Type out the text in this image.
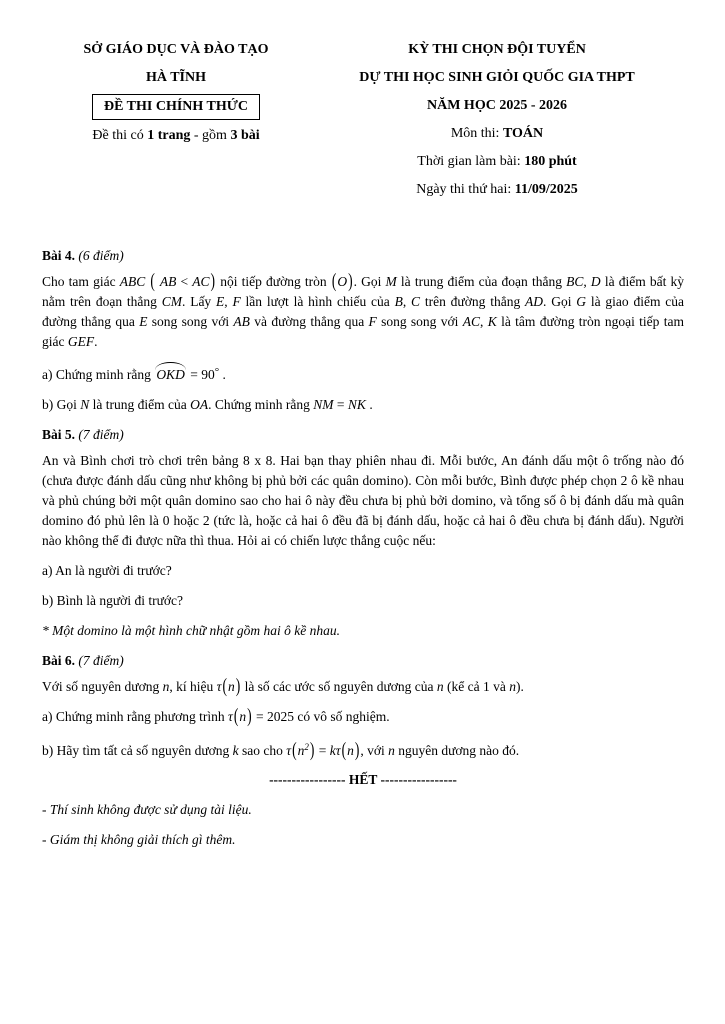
SỞ GIÁO DỤC VÀ ĐÀO TẠO
HÀ TĨNH
ĐỀ THI CHÍNH THỨC
Đề thi có 1 trang - gồm 3 bài
KỲ THI CHỌN ĐỘI TUYỂN
DỰ THI HỌC SINH GIỎI QUỐC GIA THPT
NĂM HỌC 2025 - 2026
Môn thi: TOÁN
Thời gian làm bài: 180 phút
Ngày thi thứ hai: 11/09/2025

Bài 4. (6 điểm)

Cho tam giác ABC ( AB < AC) nội tiếp đường tròn (O). Gọi M là trung điểm của đoạn thẳng BC, D là điểm bất kỳ nằm trên đoạn thẳng CM. Lấy E, F lần lượt là hình chiếu của B, C trên đường thẳng AD. Gọi G là giao điểm của đường thẳng qua E song song với AB và đường thẳng qua F song song với AC, K là tâm đường tròn ngoại tiếp tam giác GEF.

a) Chứng minh rằng OKD = 90° .

b) Gọi N là trung điểm của OA. Chứng minh rằng NM = NK .

Bài 5. (7 điểm)

An và Bình chơi trò chơi trên bảng 8 x 8. Hai bạn thay phiên nhau đi. Mỗi bước, An đánh dấu một ô trống nào đó (chưa được đánh dấu cũng như không bị phủ bởi các quân domino). Còn mỗi bước, Bình được phép chọn 2 ô kề nhau và phủ chúng bởi một quân domino sao cho hai ô này đều chưa bị phủ bởi domino, và tổng số ô bị đánh dấu mà quân domino đó phủ lên là 0 hoặc 2 (tức là, hoặc cả hai ô đều đã bị đánh dấu, hoặc cả hai ô đều chưa bị đánh dấu). Người nào không thể đi được nữa thì thua. Hỏi ai có chiến lược thắng cuộc nếu:

a) An là người đi trước?

b) Bình là người đi trước?

* Một domino là một hình chữ nhật gồm hai ô kề nhau.

Bài 6. (7 điểm)

Với số nguyên dương n, kí hiệu τ(n) là số các ước số nguyên dương của n (kể cả 1 và n).

a) Chứng minh rằng phương trình τ(n) = 2025 có vô số nghiệm.

b) Hãy tìm tất cả số nguyên dương k sao cho $\tau(n^2) = k\tau(n)$, với n nguyên dương nào đó.

----------------- HẾT -----------------

- Thí sinh không được sử dụng tài liệu.

- Giám thị không giải thích gì thêm.
